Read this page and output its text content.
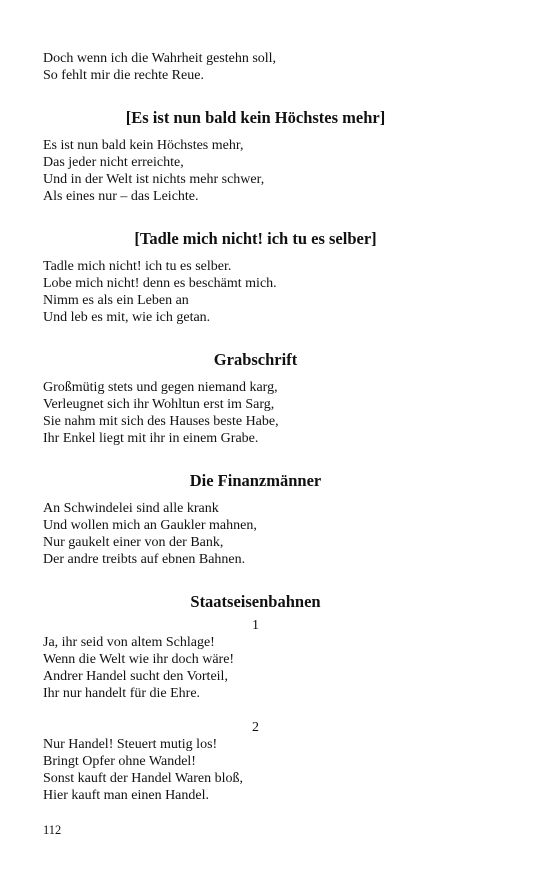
Doch wenn ich die Wahrheit gestehn soll,
So fehlt mir die rechte Reue.
[Es ist nun bald kein Höchstes mehr]
Es ist nun bald kein Höchstes mehr,
Das jeder nicht erreichte,
Und in der Welt ist nichts mehr schwer,
Als eines nur – das Leichte.
[Tadle mich nicht! ich tu es selber]
Tadle mich nicht! ich tu es selber.
Lobe mich nicht! denn es beschämt mich.
Nimm es als ein Leben an
Und leb es mit, wie ich getan.
Grabschrift
Großmütig stets und gegen niemand karg,
Verleugnet sich ihr Wohltun erst im Sarg,
Sie nahm mit sich des Hauses beste Habe,
Ihr Enkel liegt mit ihr in einem Grabe.
Die Finanzmänner
An Schwindelei sind alle krank
Und wollen mich an Gaukler mahnen,
Nur gaukelt einer von der Bank,
Der andre treibts auf ebnen Bahnen.
Staatseisenbahnen
1
Ja, ihr seid von altem Schlage!
Wenn die Welt wie ihr doch wäre!
Andrer Handel sucht den Vorteil,
Ihr nur handelt für die Ehre.
2
Nur Handel! Steuert mutig los!
Bringt Opfer ohne Wandel!
Sonst kauft der Handel Waren bloß,
Hier kauft man einen Handel.
112
